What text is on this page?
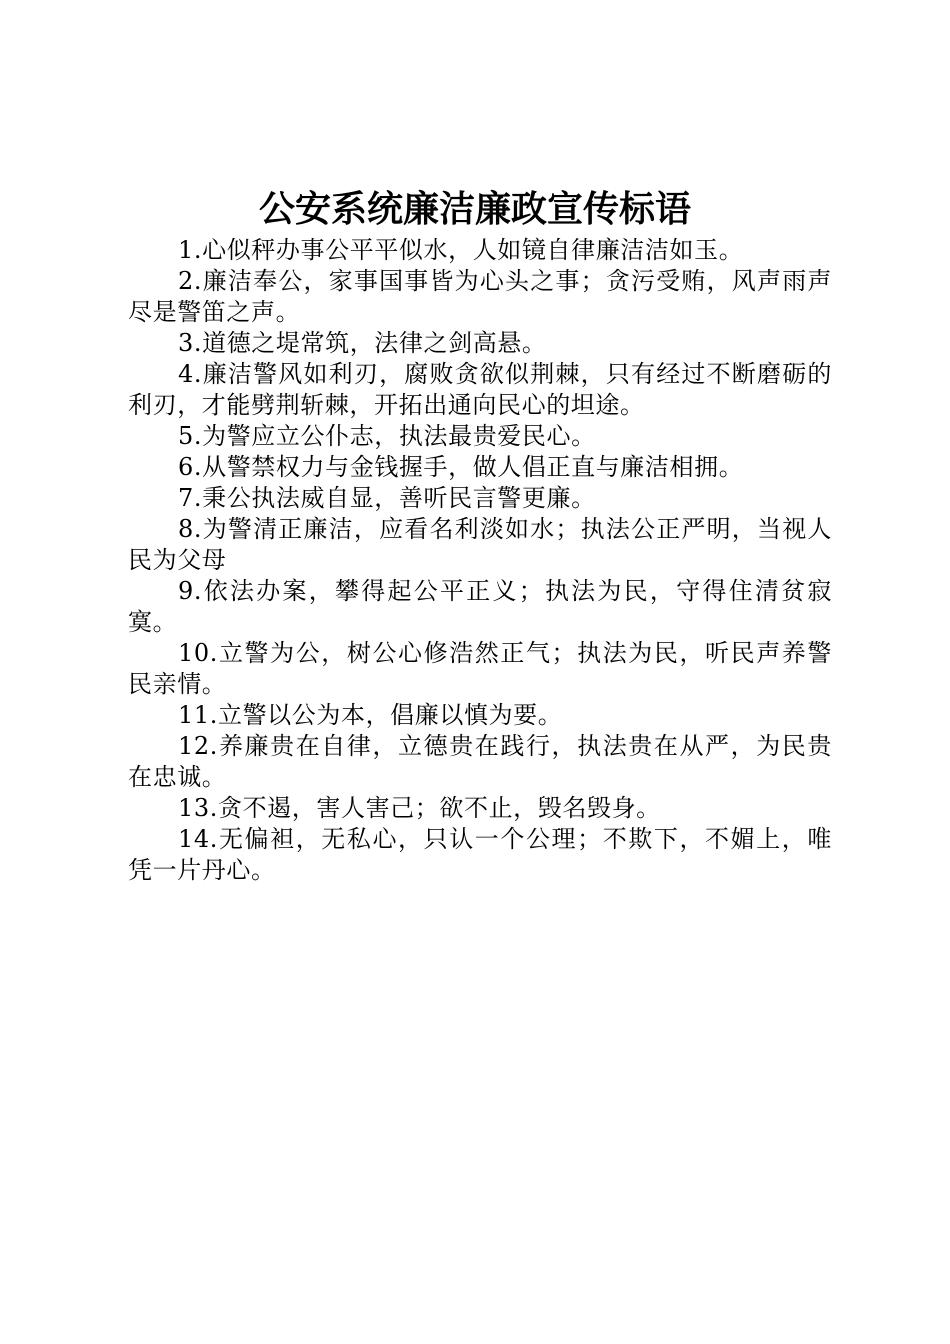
公安系统廉洁廉政宣传标语

1.心似秤办事公平平似水，人如镜自律廉洁洁如玉。

2.廉洁奉公，家事国事皆为心头之事；贪污受贿，风声雨声尽是警笛之声。

3.道德之堤常筑，法律之剑高悬。

4.廉洁警风如利刃，腐败贪欲似荆棘，只有经过不断磨砺的利刃，才能劈荆斩棘，开拓出通向民心的坦途。

5.为警应立公仆志，执法最贵爱民心。

6.从警禁权力与金钱握手，做人倡正直与廉洁相拥。

7.秉公执法威自显，善听民言警更廉。

8.为警清正廉洁，应看名利淡如水；执法公正严明，当视人民为父母

9.依法办案，攀得起公平正义；执法为民，守得住清贫寂寞。

10.立警为公，树公心修浩然正气；执法为民，听民声养警民亲情。

11.立警以公为本，倡廉以慎为要。

12.养廉贵在自律，立德贵在践行，执法贵在从严，为民贵在忠诚。

13.贪不遏，害人害己；欲不止，毁名毁身。

14.无偏袒，无私心，只认一个公理；不欺下，不媚上，唯凭一片丹心。
